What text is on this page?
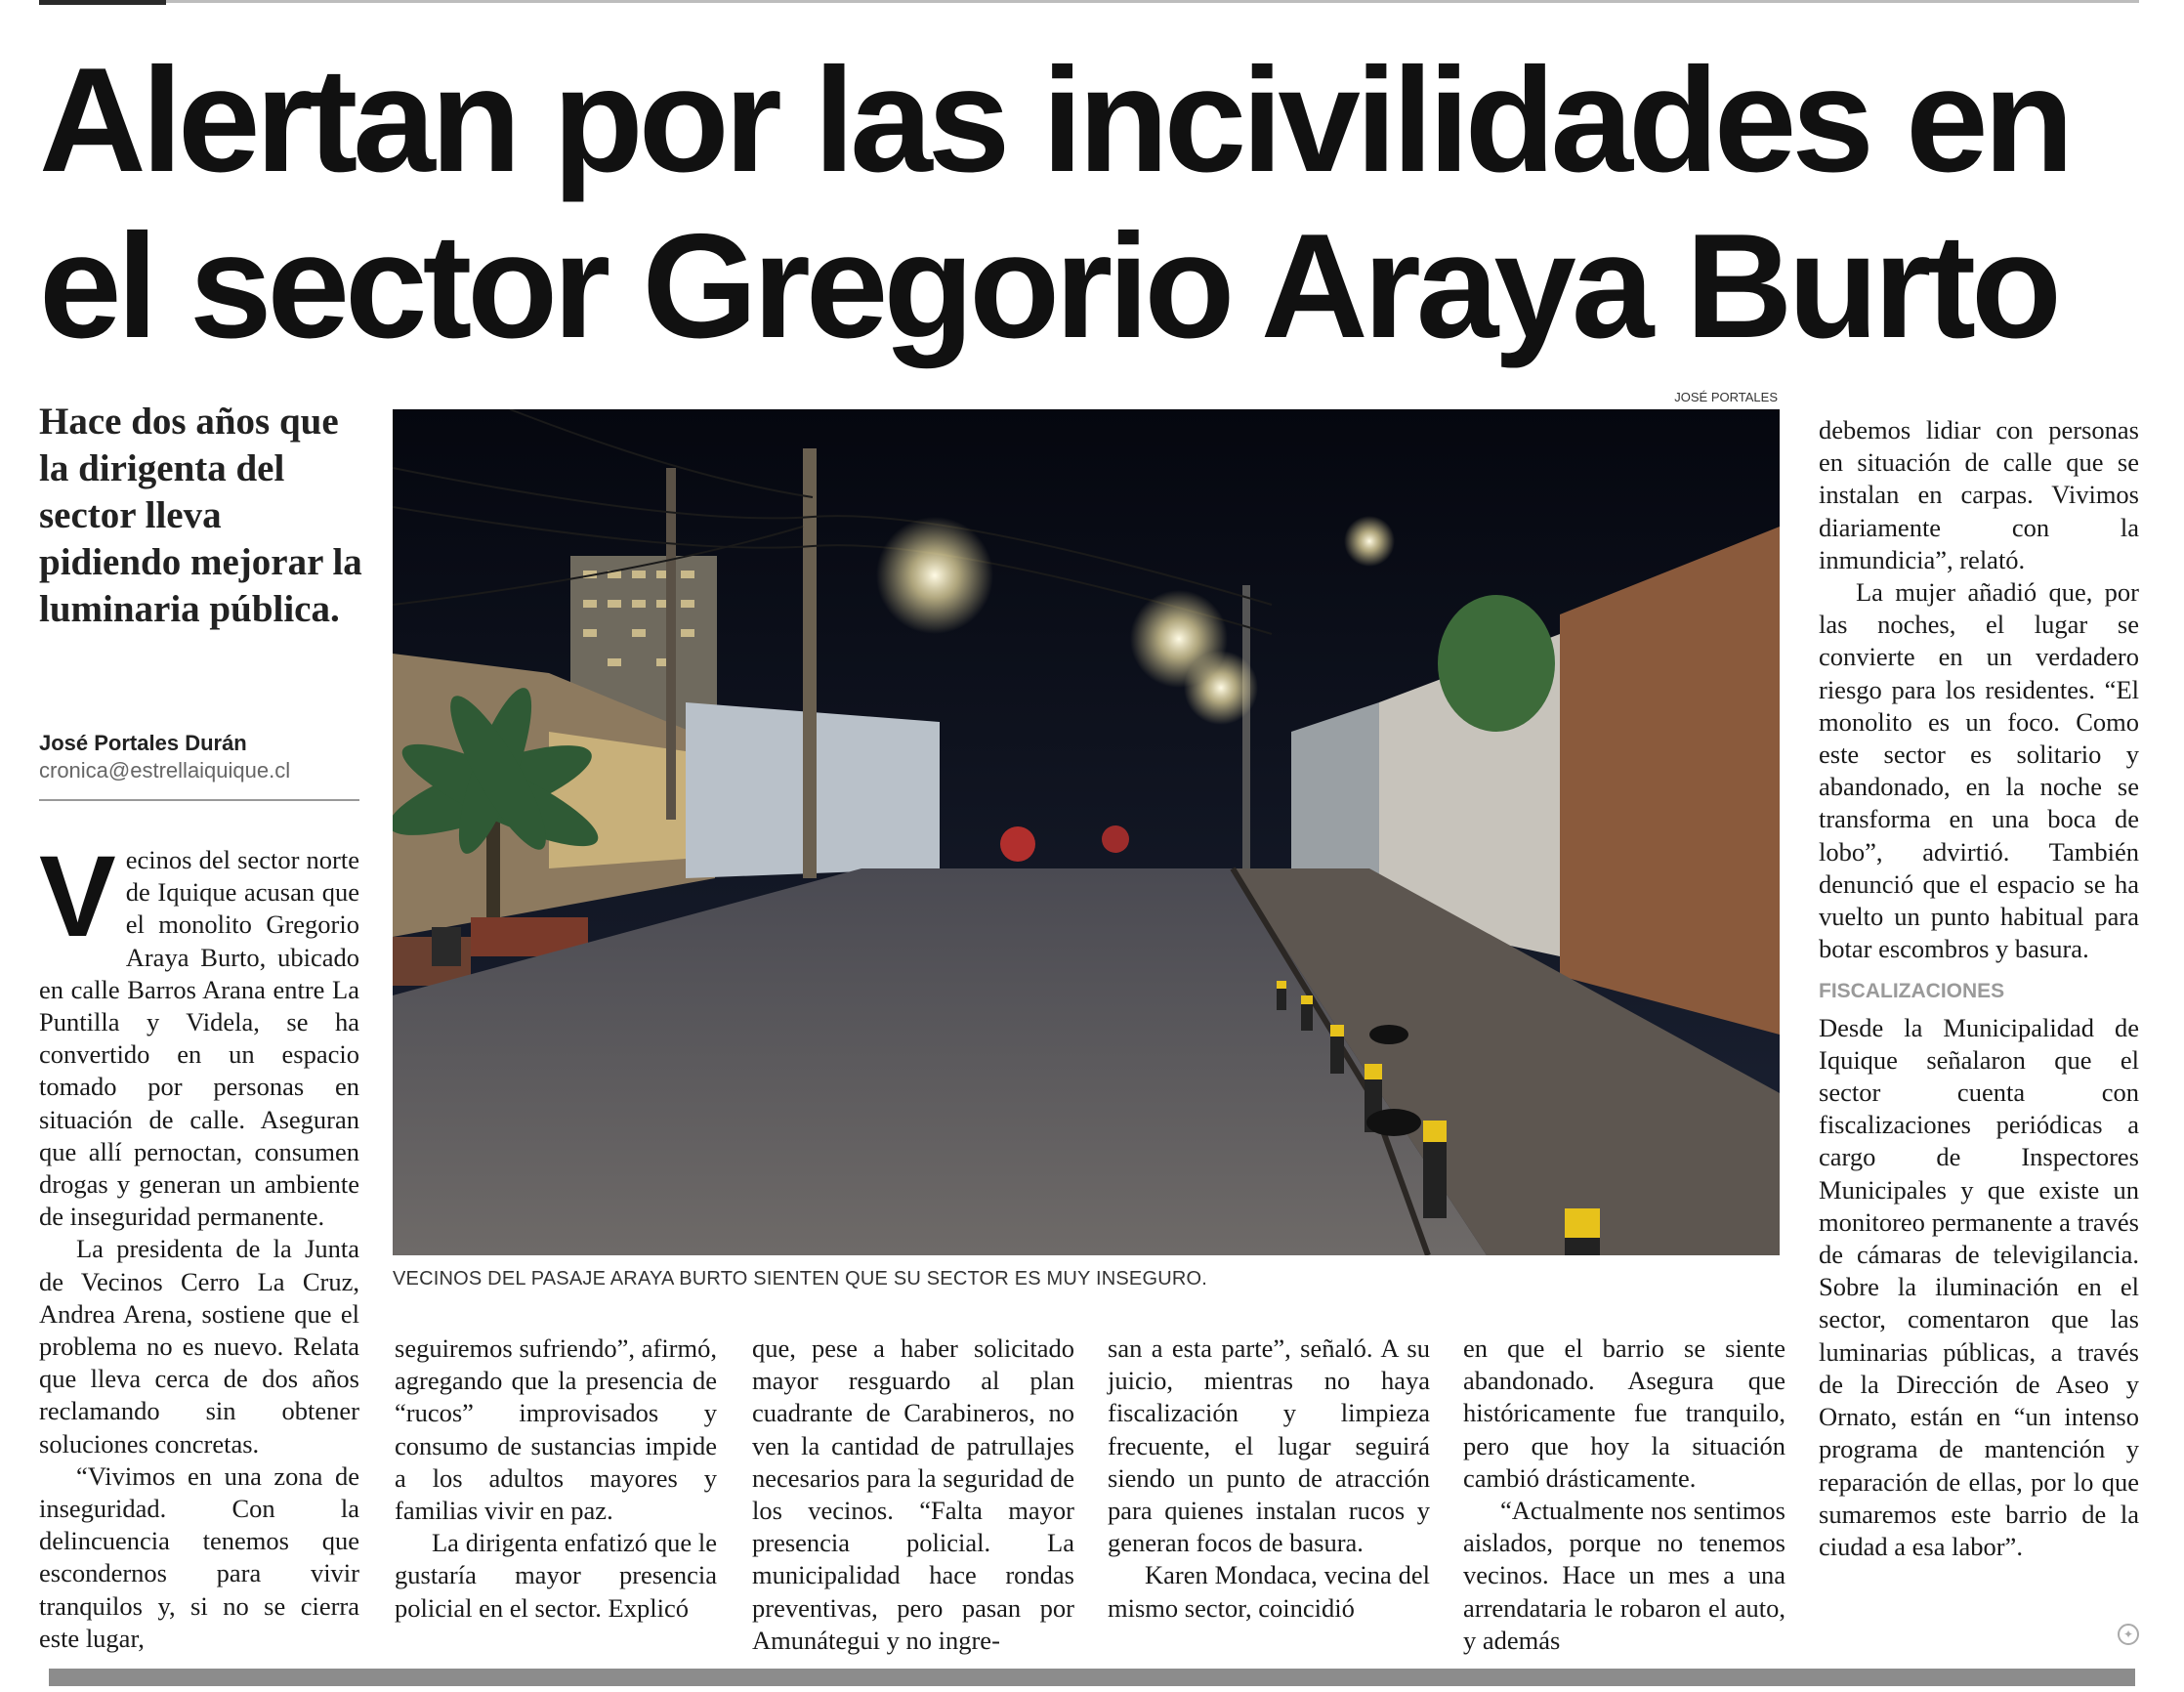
Alertan por las incivilidades en el sector Gregorio Araya Burto
Hace dos años que la dirigenta del sector lleva pidiendo mejorar la luminaria pública.
José Portales Durán
cronica@estrellaiquique.cl
JOSÉ PORTALES
VECINOS DEL PASAJE ARAYA BURTO SIENTEN QUE SU SECTOR ES MUY INSEGURO.

V ecinos del sector norte de Iquique acusan que el monolito Gregorio Araya Burto, ubicado en calle Barros Arana entre La Puntilla y Videla, se ha convertido en un espacio tomado por personas en situación de calle. Aseguran que allí pernoctan, consumen drogas y generan un ambiente de inseguridad permanente.

La presidenta de la Junta de Vecinos Cerro La Cruz, Andrea Arena, sostiene que el problema no es nuevo. Relata que lleva cerca de dos años reclamando sin obtener soluciones concretas.

“Vivimos en una zona de inseguridad. Con la delincuencia tenemos que escondernos para vivir tranquilos y, si no se cierra este lugar,

seguiremos sufriendo”, afirmó, agregando que la presencia de “rucos” improvisados y consumo de sustancias impide a los adultos mayores y familias vivir en paz.

La dirigenta enfatizó que le gustaría mayor presencia policial en el sector. Explicó

que, pese a haber solicitado mayor resguardo al plan cuadrante de Carabineros, no ven la cantidad de patrullajes necesarios para la seguridad de los vecinos. “Falta mayor presencia policial. La municipalidad hace rondas preventivas, pero pasan por Amunátegui y no ingre-

san a esta parte”, señaló. A su juicio, mientras no haya fiscalización y limpieza frecuente, el lugar seguirá siendo un punto de atracción para quienes instalan rucos y generan focos de basura.

Karen Mondaca, vecina del mismo sector, coincidió

en que el barrio se siente abandonado. Asegura que históricamente fue tranquilo, pero que hoy la situación cambió drásticamente.

“Actualmente nos sentimos aislados, porque no tenemos vecinos. Hace un mes a una arrendataria le robaron el auto, y además

debemos lidiar con personas en situación de calle que se instalan en carpas. Vivimos diariamente con la inmundicia”, relató.

La mujer añadió que, por las noches, el lugar se convierte en un verdadero riesgo para los residentes. “El monolito es un foco. Como este sector es solitario y abandonado, en la noche se transforma en una boca de lobo”, advirtió. También denunció que el espacio se ha vuelto un punto habitual para botar escombros y basura.

FISCALIZACIONES

Desde la Municipalidad de Iquique señalaron que el sector cuenta con fiscalizaciones periódicas a cargo de Inspectores Municipales y que existe un monitoreo permanente a través de cámaras de televigilancia. Sobre la iluminación en el sector, comentaron que las luminarias públicas, a través de la Dirección de Aseo y Ornato, están en “un intenso programa de mantención y reparación de ellas, por lo que sumaremos este barrio de la ciudad a esa labor”.

✦
